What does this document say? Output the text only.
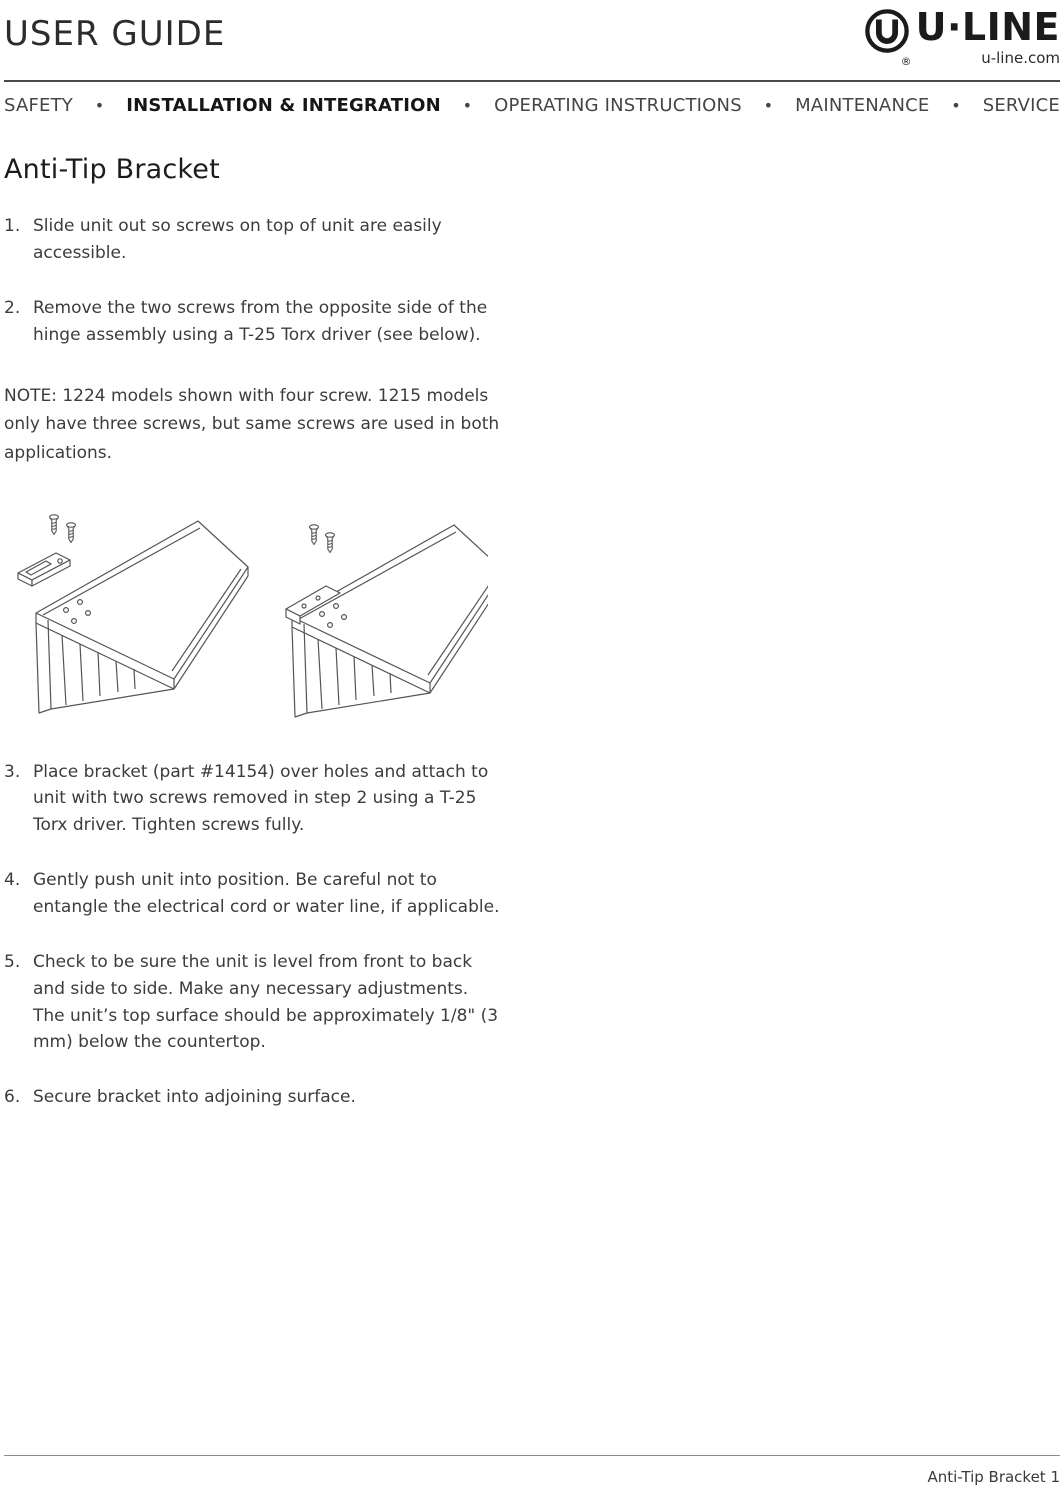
USER GUIDE
®
U·LINE
u-line.com
SAFETY • INSTALLATION & INTEGRATION • OPERATING INSTRUCTIONS • MAINTENANCE • SERVICE
Anti-Tip Bracket
1. Slide unit out so screws on top of unit are easily accessible.
2. Remove the two screws from the opposite side of the hinge assembly using a T-25 Torx driver (see below).

NOTE: 1224 models shown with four screw. 1215 models only have three screws, but same screws are used in both applications.

3. Place bracket (part #14154) over holes and attach to unit with two screws removed in step 2 using a T-25 Torx driver. Tighten screws fully.
4. Gently push unit into position. Be careful not to entangle the electrical cord or water line, if applicable.
5. Check to be sure the unit is level from front to back and side to side. Make any necessary adjustments. The unit’s top surface should be approximately 1/8" (3 mm) below the countertop.
6. Secure bracket into adjoining surface.
Anti-Tip Bracket 1
